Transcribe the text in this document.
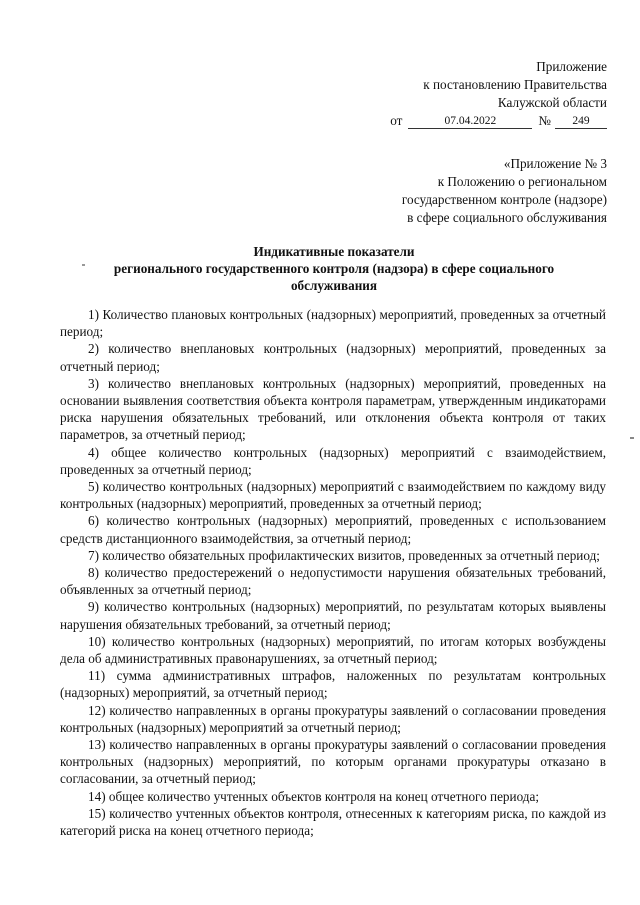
Приложение
к постановлению Правительства
Калужской области
от	07.04.2022	№	249
«Приложение № 3
к Положению о региональном
государственном контроле (надзоре)
в сфере социального обслуживания
Индикативные показатели
регионального государственного контроля (надзора) в сфере социального
обслуживания

1) Количество плановых контрольных (надзорных) мероприятий, проведенных за отчетный период;

2) количество внеплановых контрольных (надзорных) мероприятий, проведенных за отчетный период;

3) количество внеплановых контрольных (надзорных) мероприятий, проведенных на основании выявления соответствия объекта контроля параметрам, утвержденным индикаторами риска нарушения обязательных требований, или отклонения объекта контроля от таких параметров, за отчетный период;

4) общее количество контрольных (надзорных) мероприятий с взаимодействием, проведенных за отчетный период;

5) количество контрольных (надзорных) мероприятий с взаимодействием по каждому виду контрольных (надзорных) мероприятий, проведенных за отчетный период;

6) количество контрольных (надзорных) мероприятий, проведенных с использованием средств дистанционного взаимодействия, за отчетный период;

7) количество обязательных профилактических визитов, проведенных за отчетный период;

8) количество предостережений о недопустимости нарушения обязательных требований, объявленных за отчетный период;

9) количество контрольных (надзорных) мероприятий, по результатам которых выявлены нарушения обязательных требований, за отчетный период;

10) количество контрольных (надзорных) мероприятий, по итогам которых возбуждены дела об административных правонарушениях, за отчетный период;

11) сумма административных штрафов, наложенных по результатам контрольных (надзорных) мероприятий, за отчетный период;

12) количество направленных в органы прокуратуры заявлений о согласовании проведения контрольных (надзорных) мероприятий за отчетный период;

13) количество направленных в органы прокуратуры заявлений о согласовании проведения контрольных (надзорных) мероприятий, по которым органами прокуратуры отказано в согласовании, за отчетный период;

14) общее количество учтенных объектов контроля на конец отчетного периода;

15) количество учтенных объектов контроля, отнесенных к категориям риска, по каждой из категорий риска на конец отчетного периода;
